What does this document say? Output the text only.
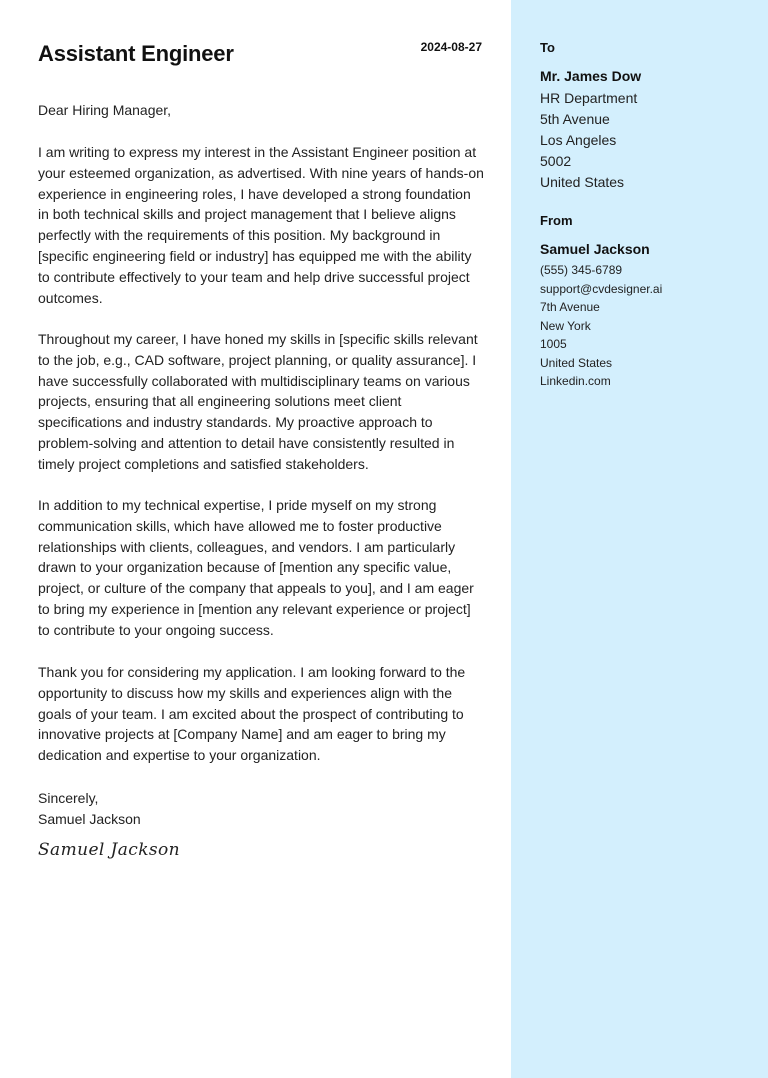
Assistant Engineer	2024-08-27

Dear Hiring Manager,

I am writing to express my interest in the Assistant Engineer position at your esteemed organization, as advertised. With nine years of hands-on experience in engineering roles, I have developed a strong foundation in both technical skills and project management that I believe aligns perfectly with the requirements of this position. My background in [specific engineering field or industry] has equipped me with the ability to contribute effectively to your team and help drive successful project outcomes.

Throughout my career, I have honed my skills in [specific skills relevant to the job, e.g., CAD software, project planning, or quality assurance]. I have successfully collaborated with multidisciplinary teams on various projects, ensuring that all engineering solutions meet client specifications and industry standards. My proactive approach to problem-solving and attention to detail have consistently resulted in timely project completions and satisfied stakeholders.

In addition to my technical expertise, I pride myself on my strong communication skills, which have allowed me to foster productive relationships with clients, colleagues, and vendors. I am particularly drawn to your organization because of [mention any specific value, project, or culture of the company that appeals to you], and I am eager to bring my experience in [mention any relevant experience or project] to contribute to your ongoing success.

Thank you for considering my application. I am looking forward to the opportunity to discuss how my skills and experiences align with the goals of your team. I am excited about the prospect of contributing to innovative projects at [Company Name] and am eager to bring my dedication and expertise to your organization.

Sincerely,
Samuel Jackson
Samuel Jackson
To
Mr. James Dow
HR Department
5th Avenue
Los Angeles
5002
United States
From
Samuel Jackson
(555) 345-6789
support@cvdesigner.ai
7th Avenue
New York
1005
United States
Linkedin.com
